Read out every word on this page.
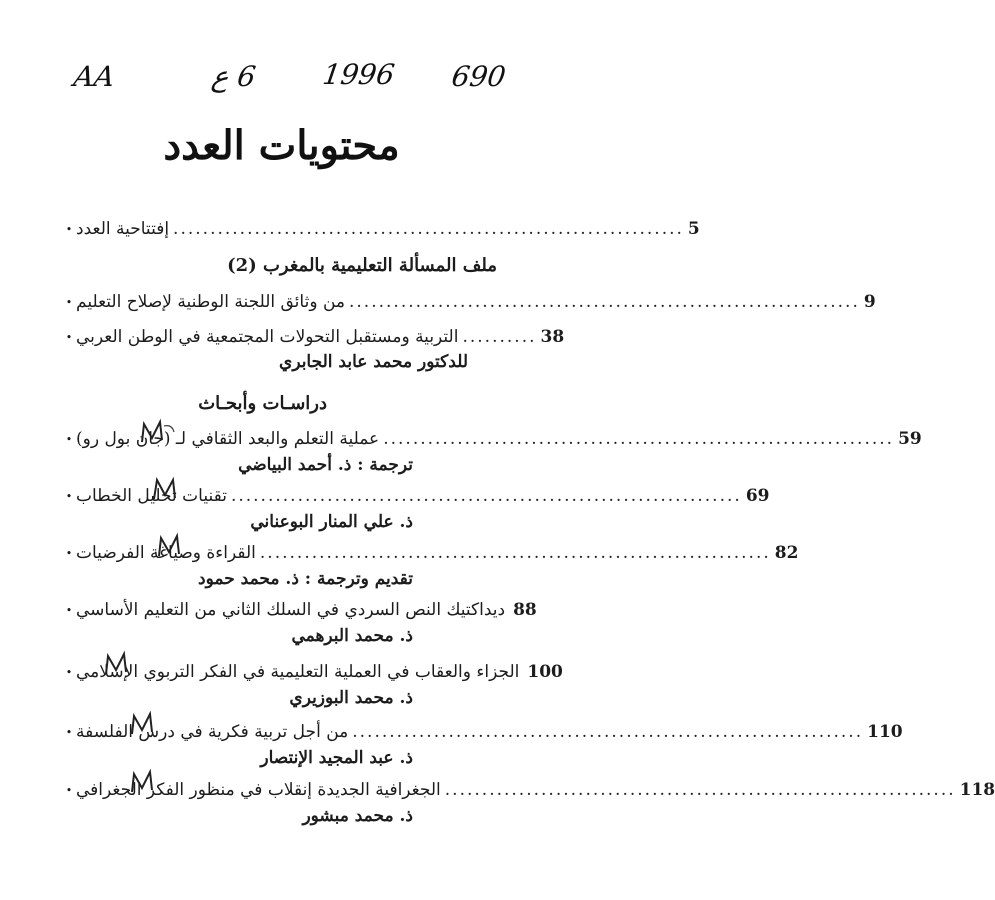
AA	6 ع 1996 690
محتويات العدد
• إفتتاحية العدد ..................................................................... 5
ملف المسألة التعليمية بالمغرب (2)
• من وثائق اللجنة الوطنية لإصلاح التعليم ..................................................................... 9
• التربية ومستقبل التحولات المجتمعية في الوطن العربي .......... 38
للدكتور محمد عابد الجابري
دراسـات وأبحـاث
• عملية التعلم والبعد الثقافي لـ (جان بول رو) ..................................................................... 59
ترجمة : ذ. أحمد البياضي
• تقنيات تحليل الخطاب ..................................................................... 69
ذ. علي المنار البوعناني
• القراءة وصياغة الفرضيات ..................................................................... 82
تقديم وترجمة : ذ. محمد حمود
• ديداكتيك النص السردي في السلك الثاني من التعليم الأساسي 88
ذ. محمد البرهمي
• الجزاء والعقاب في العملية التعليمية في الفكر التربوي الإسلامي 100
ذ. محمد البوزيري
• من أجل تربية فكرية في درس الفلسفة ..................................................................... 110
ذ. عبد المجيد الإنتصار
• الجغرافية الجديدة إنقلاب في منظور الفكر الجغرافي ..................................................................... 118
ذ. محمد مبشور
